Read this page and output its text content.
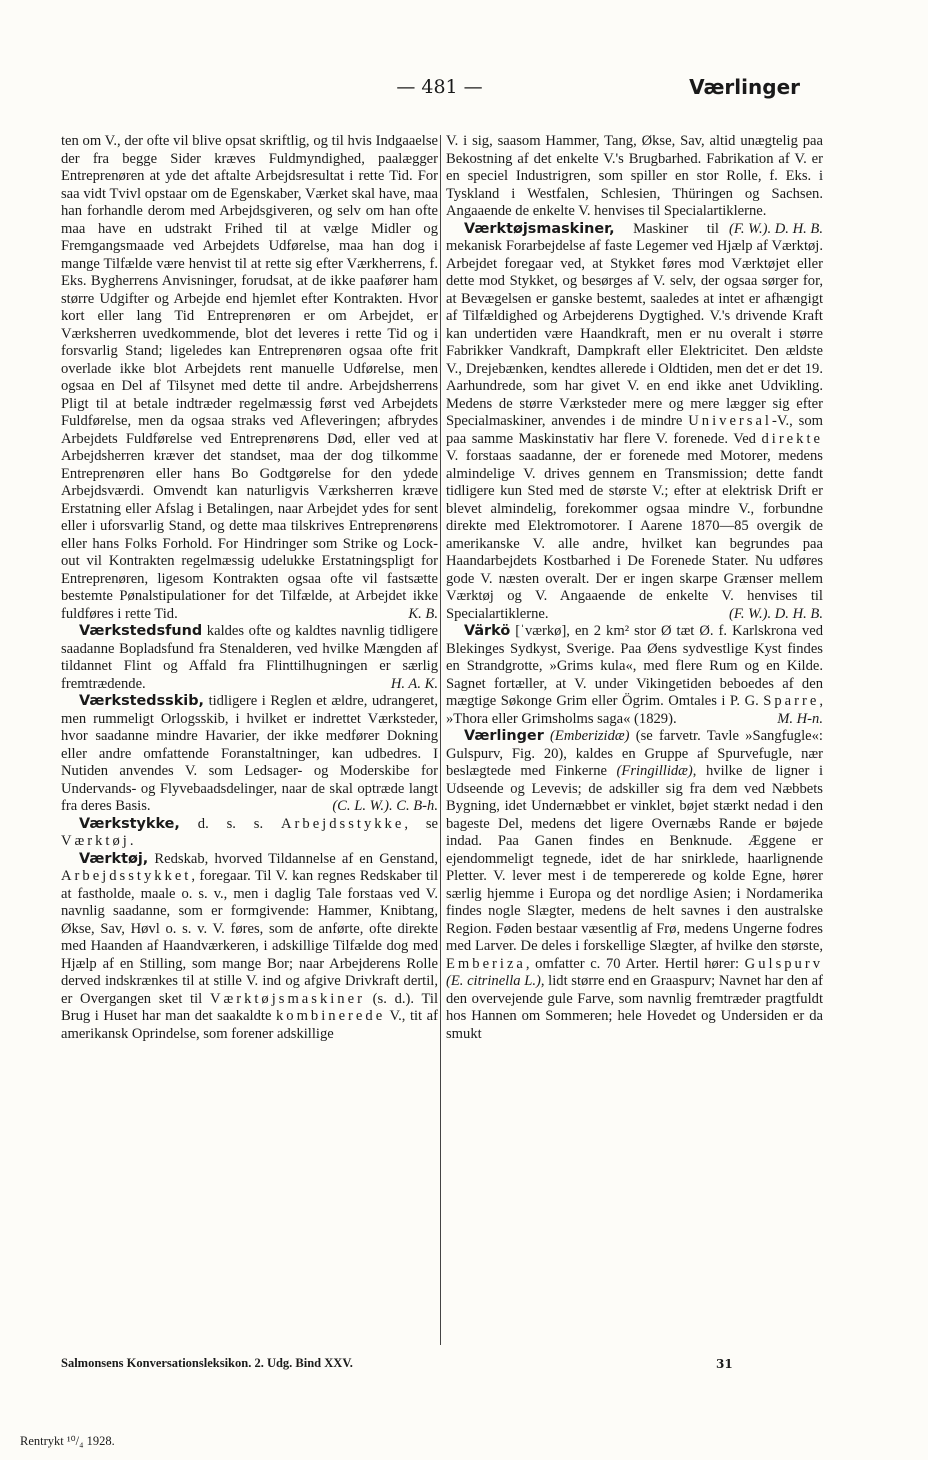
— 481 —	Værlinger

ten om V., der ofte vil blive opsat skriftlig, og til hvis Indgaaelse der fra begge Sider kræves Fuldmyndighed, paalægger Entreprenøren at yde det aftalte Arbejdsresultat i rette Tid. For saa vidt Tvivl opstaar om de Egenskaber, Værket skal have, maa han forhandle derom med Arbejdsgiveren, og selv om han ofte maa have en udstrakt Frihed til at vælge Midler og Fremgangsmaade ved Arbejdets Udførelse, maa han dog i mange Tilfælde være henvist til at rette sig efter Værkherrens, f. Eks. Bygherrens Anvisninger, forudsat, at de ikke paafører ham større Udgifter og Arbejde end hjemlet efter Kontrakten. Hvor kort eller lang Tid Entreprenøren er om Arbejdet, er Værksherren uvedkommende, blot det leveres i rette Tid og i forsvarlig Stand; ligeledes kan Entreprenøren ogsaa ofte frit overlade ikke blot Arbejdets rent manuelle Udførelse, men ogsaa en Del af Tilsynet med dette til andre. Arbejdsherrens Pligt til at betale indtræder regelmæssig først ved Arbejdets Fuldførelse, men da ogsaa straks ved Afleveringen; afbrydes Arbejdets Fuldførelse ved Entreprenørens Død, eller ved at Arbejdsherren kræver det standset, maa der dog tilkomme Entreprenøren eller hans Bo Godtgørelse for den ydede Arbejdsværdi. Omvendt kan naturligvis Værksherren kræve Erstatning eller Afslag i Betalingen, naar Arbejdet ydes for sent eller i uforsvarlig Stand, og dette maa tilskrives Entreprenørens eller hans Folks Forhold. For Hindringer som Strike og Lock-out vil Kontrakten regelmæssig udelukke Erstatningspligt for Entreprenøren, ligesom Kontrakten ogsaa ofte vil fastsætte bestemte Pønalstipulationer for det Tilfælde, at Arbejdet ikke fuldføres i rette Tid.	K. B.

Værkstedsfund kaldes ofte og kaldtes navnlig tidligere saadanne Bopladsfund fra Stenalderen, ved hvilke Mængden af tildannet Flint og Affald fra Flinttilhugningen er særlig fremtrædende.	H. A. K.

Værkstedsskib, tidligere i Reglen et ældre, udrangeret, men rummeligt Orlogsskib, i hvilket er indrettet Værksteder, hvor saadanne mindre Havarier, der ikke medfører Dokning eller andre omfattende Foranstaltninger, kan udbedres. I Nutiden anvendes V. som Ledsager- og Moderskibe for Undervands- og Flyvebaadsdelinger, naar de skal optræde langt fra deres Basis.	(C. L. W.). C. B-h.

Værkstykke, d. s. s. Arbejdsstykke, se Værktøj.

Værktøj, Redskab, hvorved Tildannelse af en Genstand, Arbejdsstykket, foregaar. Til V. kan regnes Redskaber til at fastholde, maale o. s. v., men i daglig Tale forstaas ved V. navnlig saadanne, som er formgivende: Hammer, Knibtang, Økse, Sav, Høvl o. s. v. V. føres, som de anførte, ofte direkte med Haanden af Haandværkeren, i adskillige Tilfælde dog med Hjælp af en Stilling, som mange Bor; naar Arbejderens Rolle derved indskrænkes til at stille V. ind og afgive Drivkraft dertil, er Overgangen sket til Værktøjsmaskiner (s. d.). Til Brug i Huset har man det saakaldte kombinerede V., tit af amerikansk Oprindelse, som forener adskillige

V. i sig, saasom Hammer, Tang, Økse, Sav, altid unægtelig paa Bekostning af det enkelte V.'s Brugbarhed. Fabrikation af V. er en speciel Industrigren, som spiller en stor Rolle, f. Eks. i Tyskland i Westfalen, Schlesien, Thüringen og Sachsen. Angaaende de enkelte V. henvises til Specialartiklerne.
(F. W.). D. H. B.

Værktøjsmaskiner, Maskiner til mekanisk Forarbejdelse af faste Legemer ved Hjælp af Værktøj. Arbejdet foregaar ved, at Stykket føres mod Værktøjet eller dette mod Stykket, og besørges af V. selv, der ogsaa sørger for, at Bevægelsen er ganske bestemt, saaledes at intet er afhængigt af Tilfældighed og Arbejderens Dygtighed. V.'s drivende Kraft kan undertiden være Haandkraft, men er nu overalt i større Fabrikker Vandkraft, Dampkraft eller Elektricitet. Den ældste V., Drejebænken, kendtes allerede i Oldtiden, men det er det 19. Aarhundrede, som har givet V. en end ikke anet Udvikling. Medens de større Værksteder mere og mere lægger sig efter Specialmaskiner, anvendes i de mindre Universal-V., som paa samme Maskinstativ har flere V. forenede. Ved direkte V. forstaas saadanne, der er forenede med Motorer, medens almindelige V. drives gennem en Transmission; dette fandt tidligere kun Sted med de største V.; efter at elektrisk Drift er blevet almindelig, forekommer ogsaa mindre V., forbundne direkte med Elektromotorer. I Aarene 1870—85 overgik de amerikanske V. alle andre, hvilket kan begrundes paa Haandarbejdets Kostbarhed i De Forenede Stater. Nu udføres gode V. næsten overalt. Der er ingen skarpe Grænser mellem Værktøj og V. Angaaende de enkelte V. henvises til Specialartiklerne.	(F. W.). D. H. B.

Värkö [ˈværkø], en 2 km² stor Ø tæt Ø. f. Karlskrona ved Blekinges Sydkyst, Sverige. Paa Øens sydvestlige Kyst findes en Strandgrotte, »Grims kula«, med flere Rum og en Kilde. Sagnet fortæller, at V. under Vikingetiden beboedes af den mægtige Søkonge Grim eller Ögrim. Omtales i P. G. Sparre, »Thora eller Grimsholms saga« (1829).	M. H-n.

Værlinger (Emberizidæ) (se farvetr. Tavle »Sangfugle«: Gulspurv, Fig. 20), kaldes en Gruppe af Spurvefugle, nær beslægtede med Finkerne (Fringillidæ), hvilke de ligner i Udseende og Levevis; de adskiller sig fra dem ved Næbbets Bygning, idet Undernæbbet er vinklet, bøjet stærkt nedad i den bageste Del, medens det ligere Overnæbs Rande er bøjede indad. Paa Ganen findes en Benknude. Æggene er ejendommeligt tegnede, idet de har snirklede, haarlignende Pletter. V. lever mest i de tempererede og kolde Egne, hører særlig hjemme i Europa og det nordlige Asien; i Nordamerika findes nogle Slægter, medens de helt savnes i den australske Region. Føden bestaar væsentlig af Frø, medens Ungerne fodres med Larver. De deles i forskellige Slægter, af hvilke den største, Emberiza, omfatter c. 70 Arter. Hertil hører: Gulspurv (E. citrinella L.), lidt større end en Graaspurv; Navnet har den af den overvejende gule Farve, som navnlig fremtræder pragtfuldt hos Hannen om Sommeren; hele Hovedet og Undersiden er da smukt

Salmonsens Konversationsleksikon. 2. Udg. Bind XXV.	31
Rentrykt ¹⁰/₄ 1928.
